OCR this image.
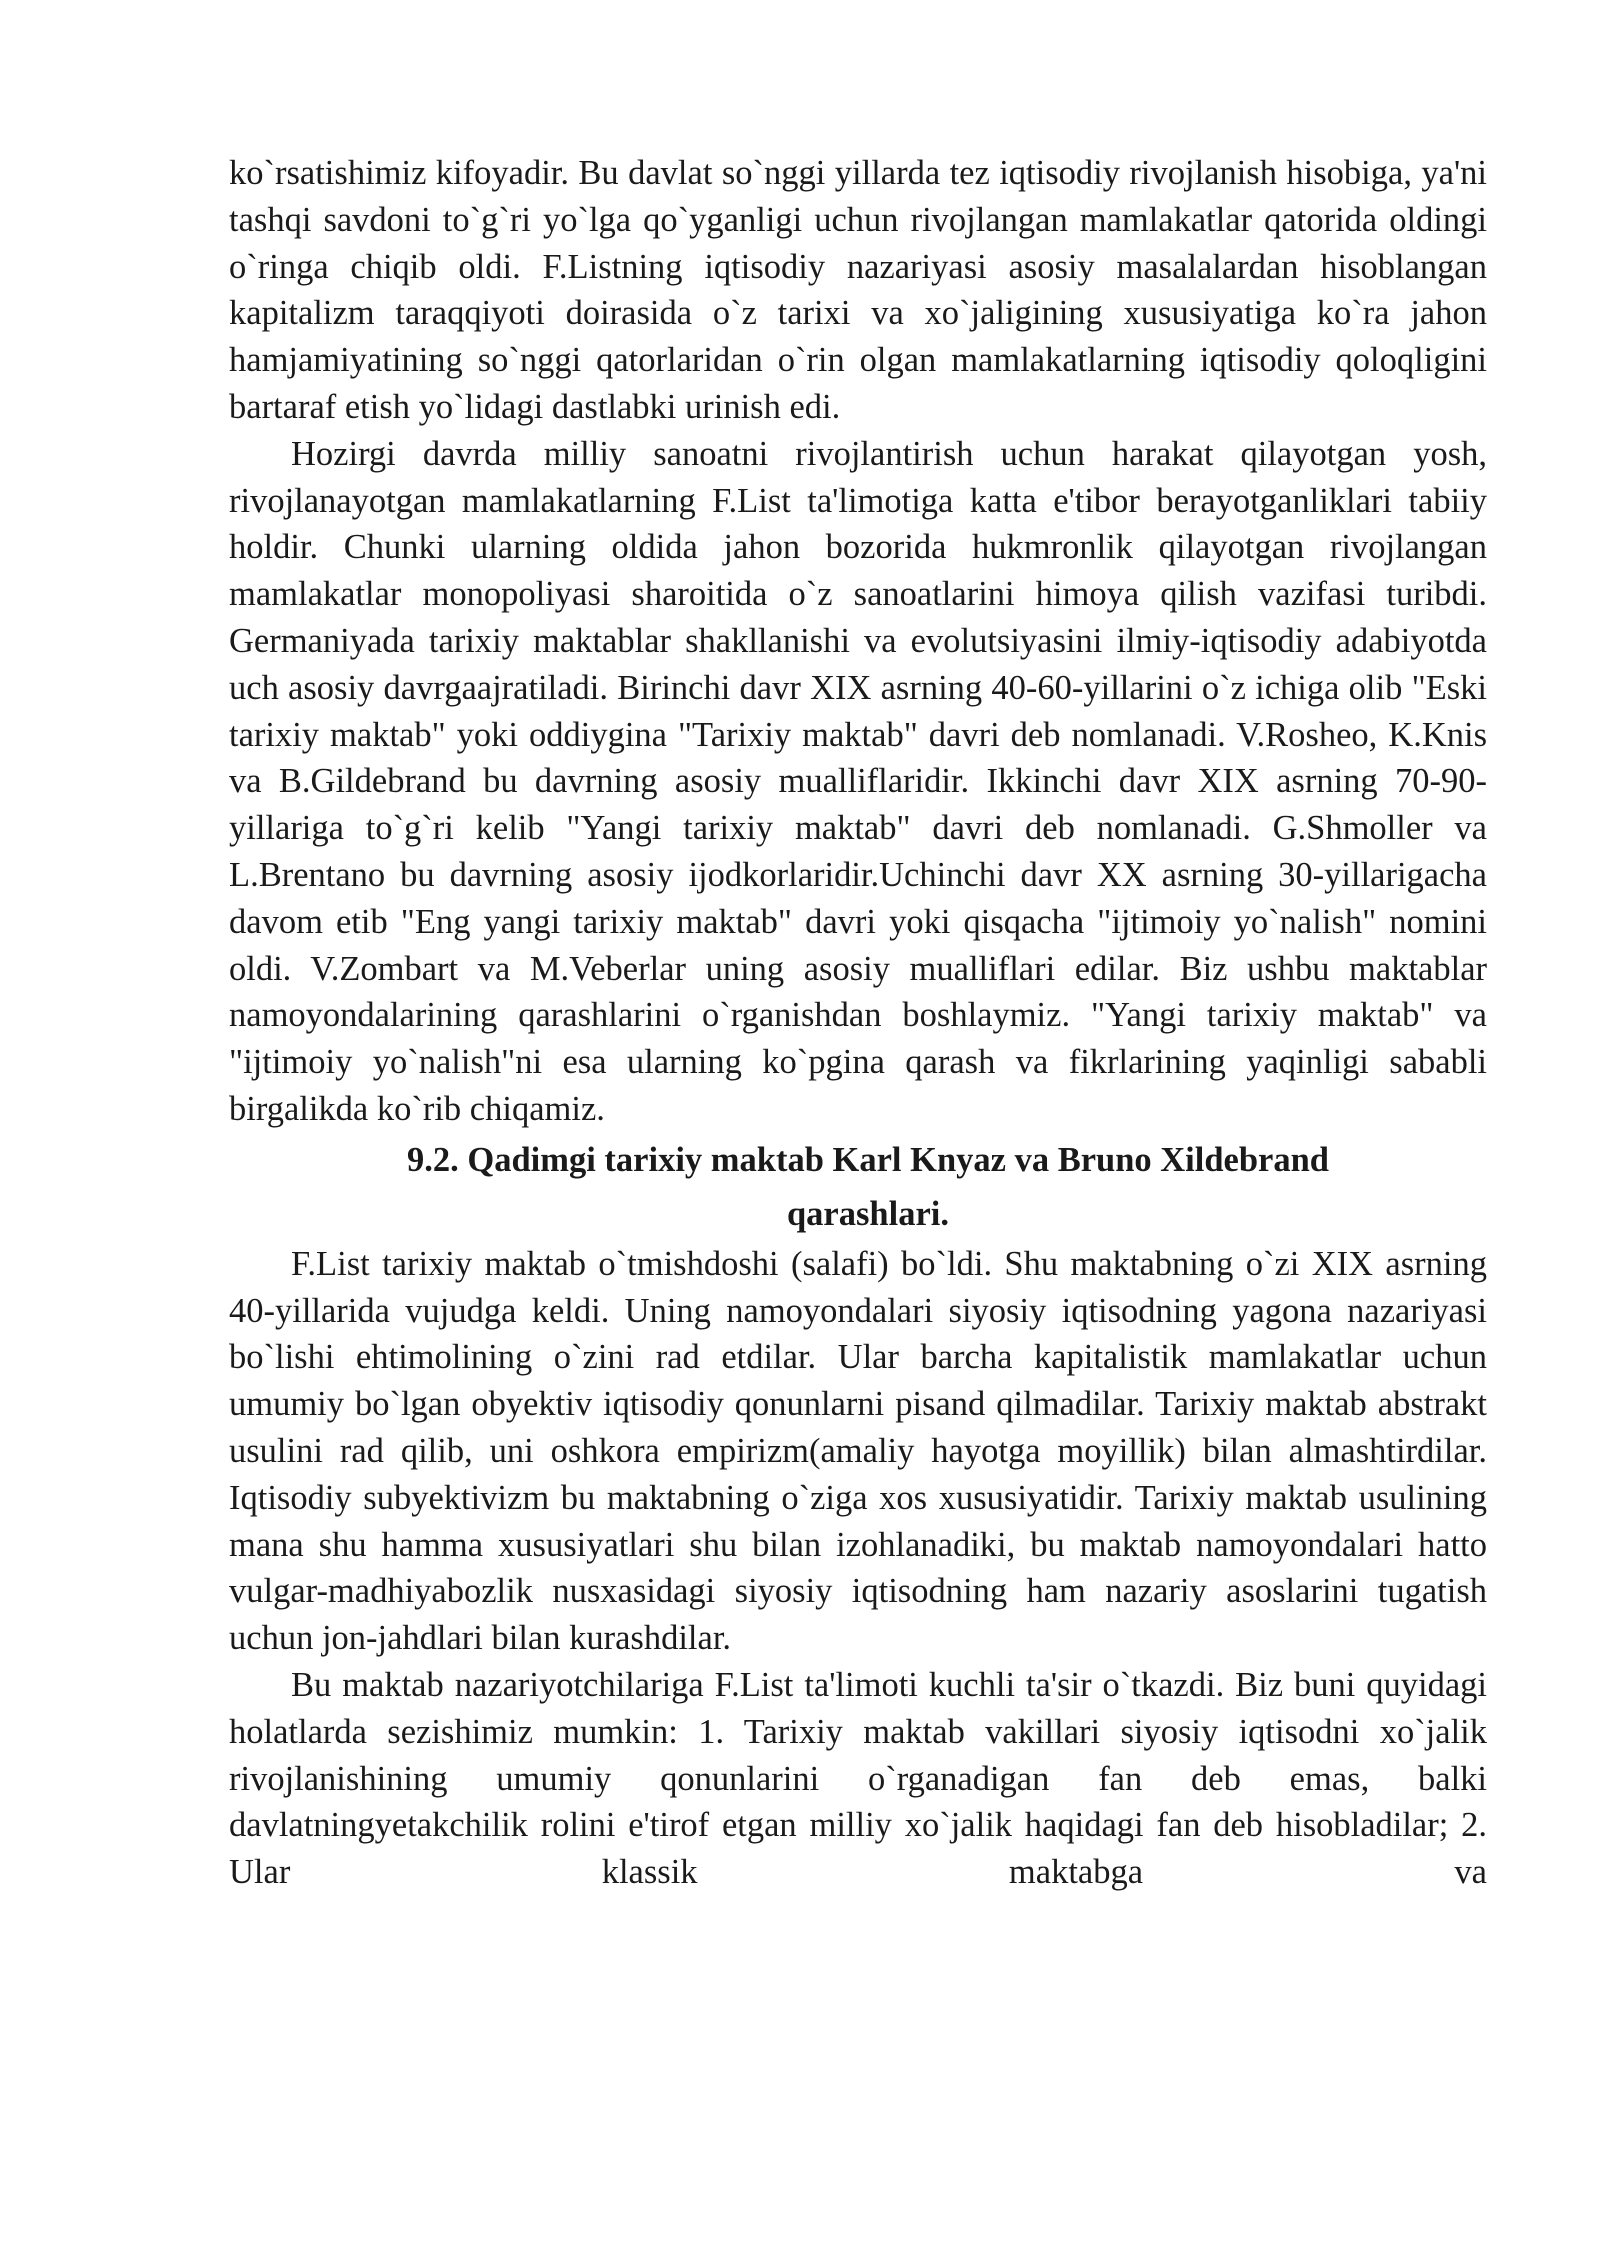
ko`rsatishimiz kifoyadir. Bu davlat so`nggi yillarda tez iqtisodiy rivojlanish hisobiga, ya'ni tashqi savdoni to`g`ri yo`lga qo`yganligi uchun rivojlangan mamlakatlar qatorida oldingi o`ringa chiqib oldi. F.Listning iqtisodiy nazariyasi asosiy masalalardan hisoblangan kapitalizm taraqqiyoti doirasida o`z tarixi va xo`jaligining xususiyatiga ko`ra jahon hamjamiyatining so`nggi qatorlaridan o`rin olgan mamlakatlarning iqtisodiy qoloqligini bartaraf etish yo`lidagi dastlabki urinish edi.

Hozirgi davrda milliy sanoatni rivojlantirish uchun harakat qilayotgan yosh, rivojlanayotgan mamlakatlarning F.List ta'limotiga katta e'tibor berayotganliklari tabiiy holdir. Chunki ularning oldida jahon bozorida hukmronlik qilayotgan rivojlangan mamlakatlar monopoliyasi sharoitida o`z sanoatlarini himoya qilish vazifasi turibdi. Germaniyada tarixiy maktablar shakllanishi va evolutsiyasini ilmiy-iqtisodiy adabiyotda uch asosiy davrgaajratiladi. Birinchi davr XIX asrning 40-60-yillarini o`z ichiga olib "Eski tarixiy maktab" yoki oddiygina "Tarixiy maktab" davri deb nomlanadi. V.Rosheo, K.Knis va B.Gildebrand bu davrning asosiy mualliflaridir. Ikkinchi davr XIX asrning 70-90-yillariga to`g`ri kelib "Yangi tarixiy maktab" davri deb nomlanadi. G.Shmoller va L.Brentano bu davrning asosiy ijodkorlaridir.Uchinchi davr XX asrning 30-yillarigacha davom etib "Eng yangi tarixiy maktab" davri yoki qisqacha "ijtimoiy yo`nalish" nomini oldi. V.Zombart va M.Veberlar uning asosiy mualliflari edilar. Biz ushbu maktablar namoyondalarining qarashlarini o`rganishdan boshlaymiz. "Yangi tarixiy maktab" va "ijtimoiy yo`nalish"ni esa ularning ko`pgina qarash va fikrlarining yaqinligi sababli birgalikda ko`rib chiqamiz.

9.2. Qadimgi tarixiy maktab Karl Knyaz va Bruno Xildebrand
qarashlari.

F.List tarixiy maktab o`tmishdoshi (salafi) bo`ldi. Shu maktabning o`zi XIX asrning 40-yillarida vujudga keldi. Uning namoyondalari siyosiy iqtisodning yagona nazariyasi bo`lishi ehtimolining o`zini rad etdilar. Ular barcha kapitalistik mamlakatlar uchun umumiy bo`lgan obyektiv iqtisodiy qonunlarni pisand qilmadilar. Tarixiy maktab abstrakt usulini rad qilib, uni oshkora empirizm(amaliy hayotga moyillik) bilan almashtirdilar. Iqtisodiy subyektivizm bu maktabning o`ziga xos xususiyatidir. Tarixiy maktab usulining mana shu hamma xususiyatlari shu bilan izohlanadiki, bu maktab namoyondalari hatto vulgar-madhiyabozlik nusxasidagi siyosiy iqtisodning ham nazariy asoslarini tugatish uchun jon-jahdlari bilan kurashdilar.

Bu maktab nazariyotchilariga F.List ta'limoti kuchli ta'sir o`tkazdi. Biz buni quyidagi holatlarda sezishimiz mumkin: 1. Tarixiy maktab vakillari siyosiy iqtisodni xo`jalik rivojlanishining umumiy qonunlarini o`rganadigan fan deb emas, balki davlatningyetakchilik rolini e'tirof etgan milliy xo`jalik haqidagi fan deb hisobladilar; 2. Ular klassik maktabga va
